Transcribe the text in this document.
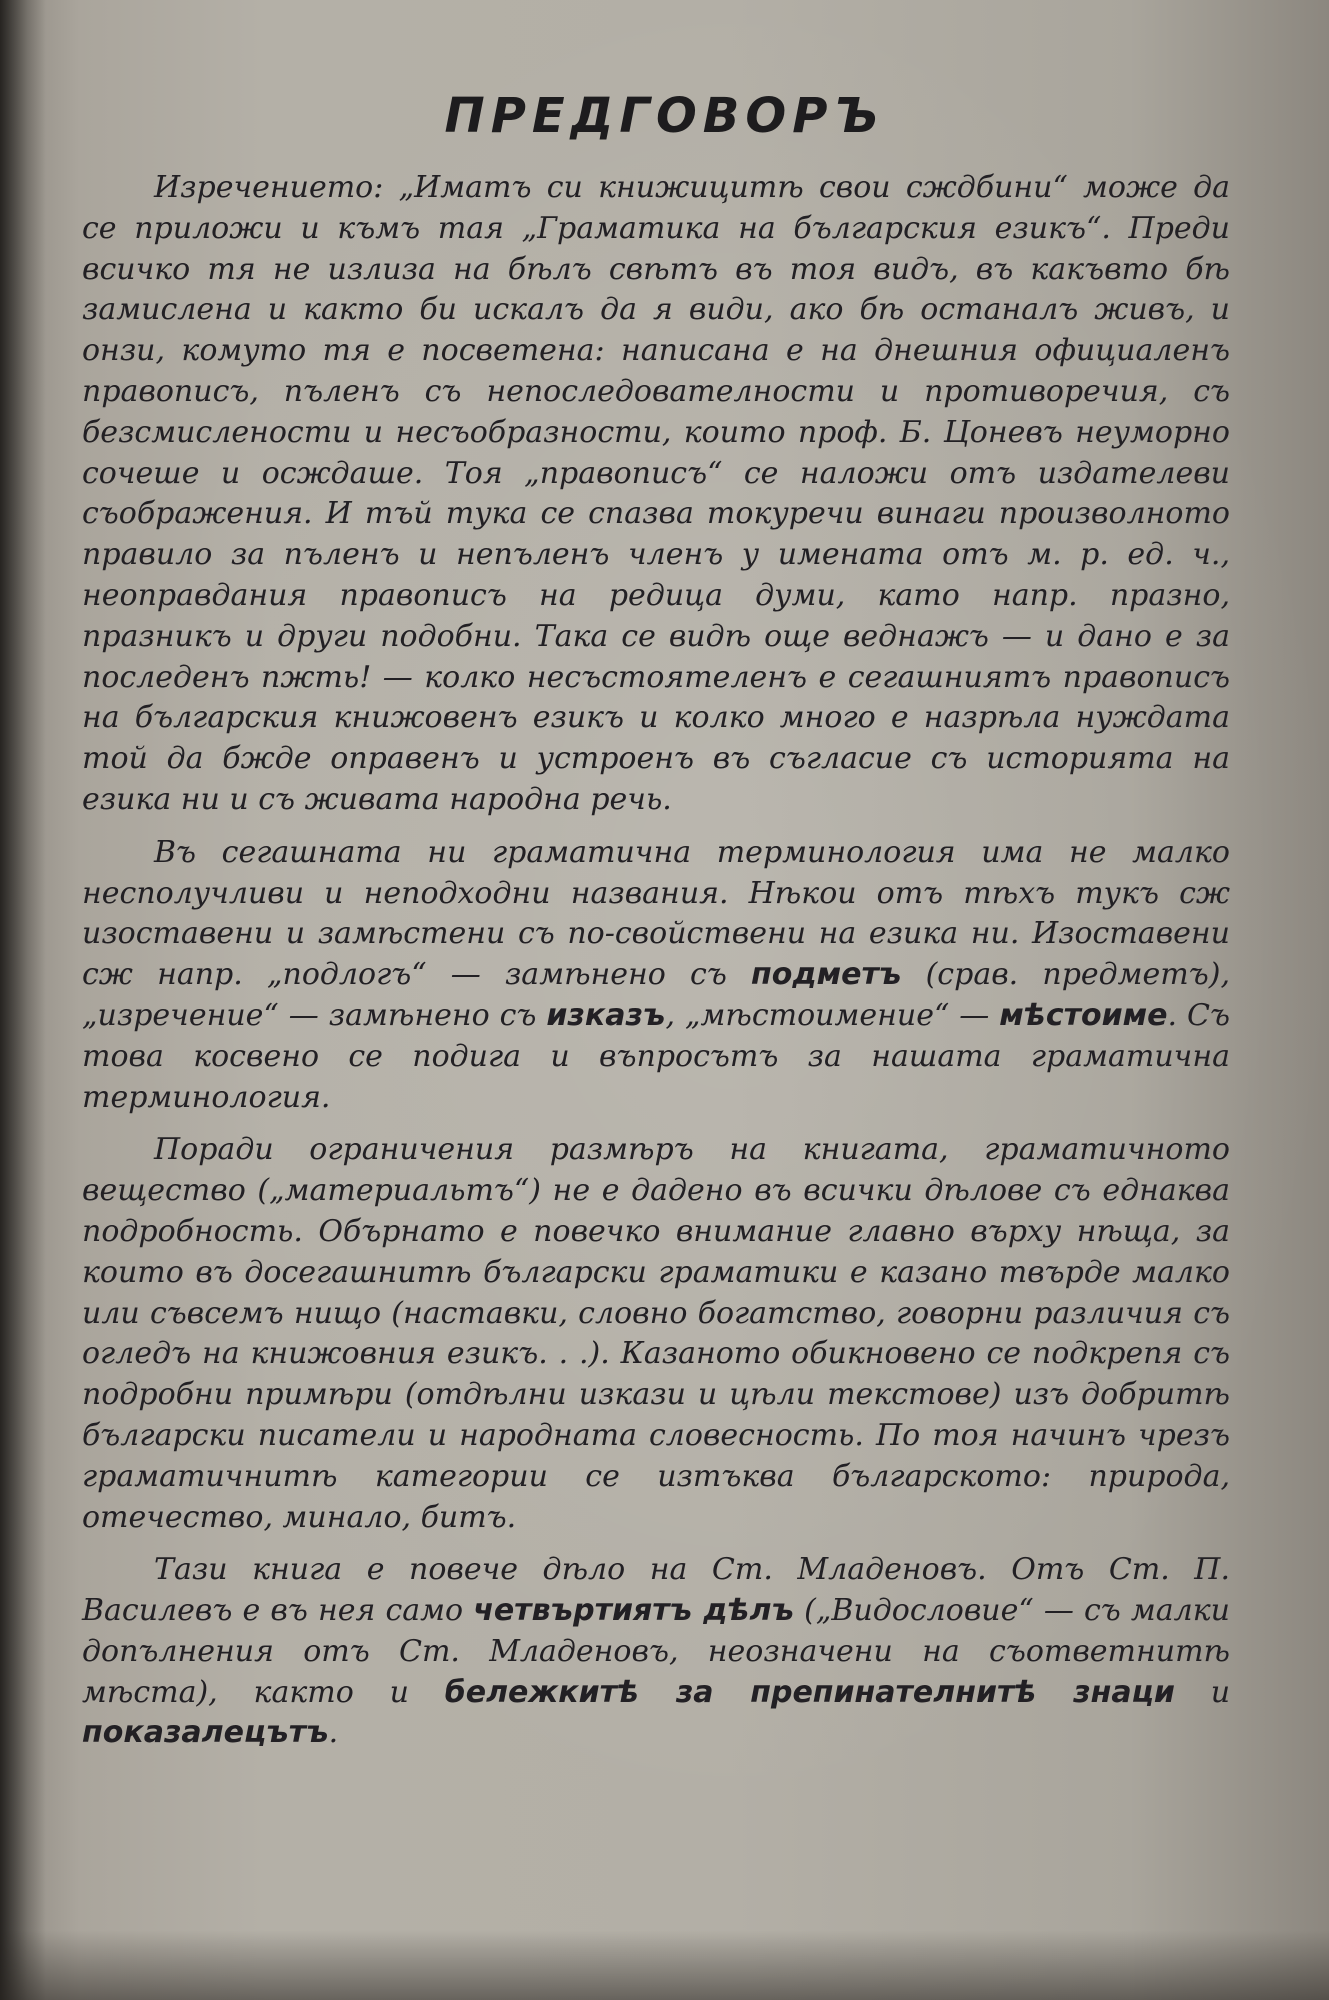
ПРЕДГОВОРЪ

Изречението: „Иматъ си книжицитѣ свои сждбини“ може да се приложи и къмъ тая „Граматика на българския езикъ“. Преди всичко тя не излиза на бѣлъ свѣтъ въ тоя видъ, въ какъвто бѣ замислена и както би искалъ да я види, ако бѣ останалъ живъ, и онзи, комуто тя е посветена: написана е на днешния официаленъ правописъ, пъленъ съ непоследователности и противоречия, съ безсмислености и несъобразности, които проф. Б. Цоневъ неуморно сочеше и осждаше. Тоя „правописъ“ се наложи отъ издателеви съображения. И тъй тука се спазва токуречи винаги произволното правило за пъленъ и непъленъ членъ у имената отъ м. р. ед. ч., неоправдания правописъ на редица думи, като напр. празно, празникъ и други подобни. Така се видѣ още веднажъ — и дано е за последенъ пжть! — колко несъстоятеленъ е сегашниятъ правописъ на българския книжовенъ езикъ и колко много е назрѣла нуждата той да бжде оправенъ и устроенъ въ съгласие съ историята на езика ни и съ живата народна речь.

Въ сегашната ни граматична терминология има не малко несполучливи и неподходни названия. Нѣкои отъ тѣхъ тукъ сж изоставени и замѣстени съ по-свойствени на езика ни. Изоставени сж напр. „подлогъ“ — замѣнено съ подметъ (срав. предметъ), „изречение“ — замѣнено съ изказъ, „мѣстоимение“ — мѣстоиме. Съ това косвено се подига и въпросътъ за нашата граматична терминология.

Поради ограничения размѣръ на книгата, граматичното вещество („материальтъ“) не е дадено въ всички дѣлове съ еднаква подробность. Обърнато е повечко внимание главно върху нѣща, за които въ досегашнитѣ български граматики е казано твърде малко или съвсемъ нищо (наставки, словно богатство, говорни различия съ огледъ на книжовния езикъ. . .). Казаното обикновено се подкрепя съ подробни примѣри (отдѣлни изкази и цѣли текстове) изъ добритѣ български писатели и народната словесность. По тоя начинъ чрезъ граматичнитѣ категории се изтъква българското: природа, отечество, минало, битъ.

Тази книга е повече дѣло на Ст. Младеновъ. Отъ Ст. П. Василевъ е въ нея само четвъртиятъ дѣлъ („Видословие“ — съ малки допълнения отъ Ст. Младеновъ, неозначени на съответнитѣ мѣста), както и бележкитѣ за препинателнитѣ знаци и показалецътъ.
